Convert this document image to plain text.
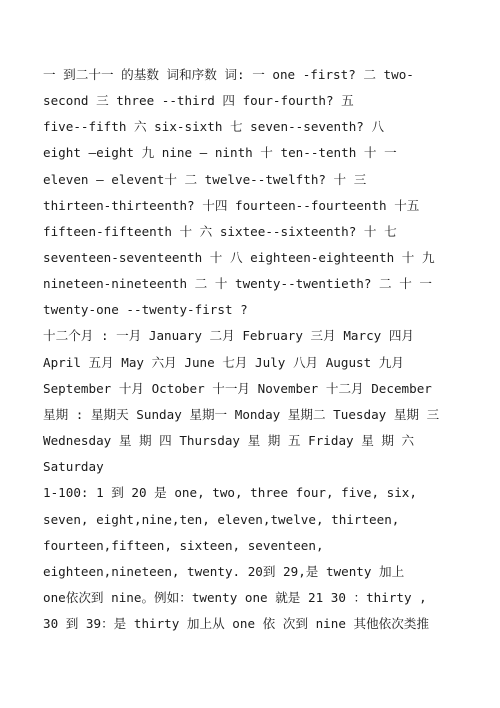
一 到二十一 的基数 词和序数 词: 一 one -first? 二 two-
second 三 three --third 四 four-fourth? 五
five--fifth 六 six-sixth 七 seven--seventh? 八
eight —eight 九 nine — ninth 十 ten--tenth 十 一
eleven — elevent十 二 twelve--twelfth? 十 三
thirteen-thirteenth? 十四 fourteen--fourteenth 十五
fifteen-fifteenth 十 六 sixtee--sixteenth? 十 七
seventeen-seventeenth 十 八 eighteen-eighteenth 十 九
nineteen-nineteenth 二 十 twenty--twentieth? 二 十 一
twenty-one --twenty-first ?
十二个月 : 一月 January 二月 February 三月 Marcy 四月
April 五月 May 六月 June 七月 July 八月 August 九月
September 十月 October 十一月 November 十二月 December
星期 : 星期天 Sunday 星期一 Monday 星期二 Tuesday 星期 三
Wednesday 星 期 四 Thursday 星 期 五 Friday 星 期 六
Saturday
1-100: 1 到 20 是 one, two, three four, five, six,
seven, eight,nine,ten, eleven,twelve, thirteen,
fourteen,fifteen, sixteen, seventeen,
eighteen,nineteen, twenty. 20到 29,是 twenty 加上
one依次到 nine。例如：twenty one 就是 21 30 ：thirty ,
30 到 39：是 thirty 加上从 one 依 次到 nine 其他依次类推
